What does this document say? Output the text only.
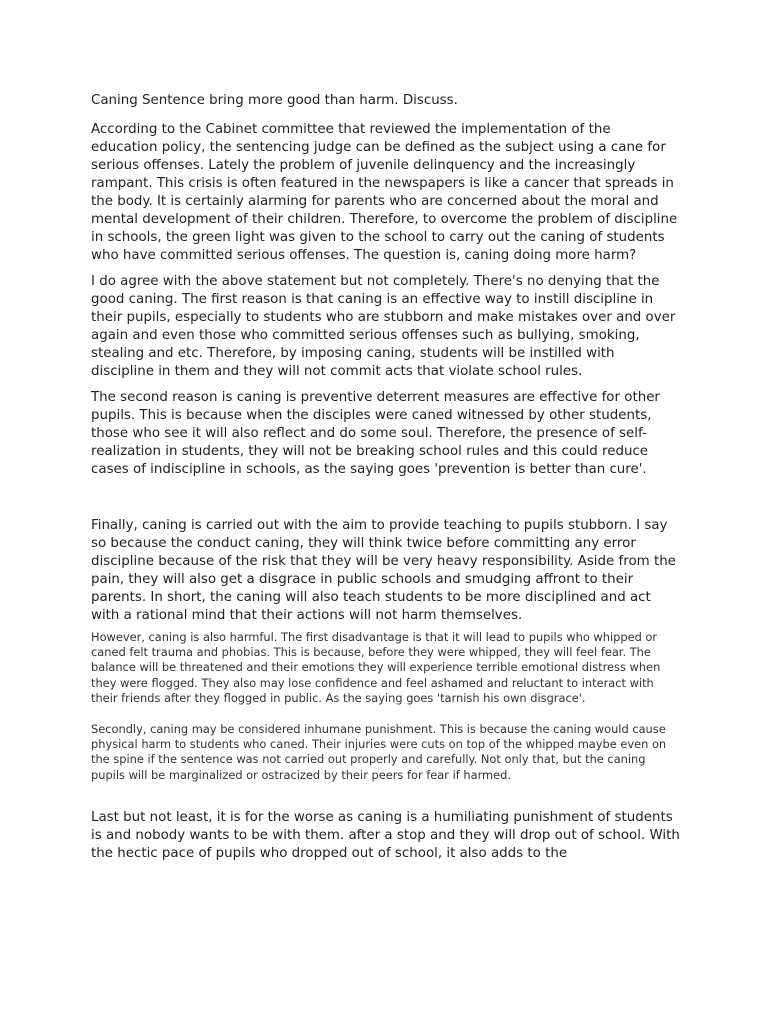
Caning Sentence bring more good than harm. Discuss.

According to the Cabinet committee that reviewed the implementation of the education policy, the sentencing judge can be defined as the subject using a cane for serious offenses. Lately the problem of juvenile delinquency and the increasingly rampant. This crisis is often featured in the newspapers is like a cancer that spreads in the body. It is certainly alarming for parents who are concerned about the moral and mental development of their children. Therefore, to overcome the problem of discipline in schools, the green light was given to the school to carry out the caning of students who have committed serious offenses. The question is, caning doing more harm?

I do agree with the above statement but not completely. There's no denying that the good caning. The first reason is that caning is an effective way to instill discipline in their pupils, especially to students who are stubborn and make mistakes over and over again and even those who committed serious offenses such as bullying, smoking, stealing and etc. Therefore, by imposing caning, students will be instilled with discipline in them and they will not commit acts that violate school rules.

The second reason is caning is preventive deterrent measures are effective for other pupils. This is because when the disciples were caned witnessed by other students, those who see it will also reflect and do some soul. Therefore, the presence of self-realization in students, they will not be breaking school rules and this could reduce cases of indiscipline in schools, as the saying goes 'prevention is better than cure'.

Finally, caning is carried out with the aim to provide teaching to pupils stubborn. I say so because the conduct caning, they will think twice before committing any error discipline because of the risk that they will be very heavy responsibility. Aside from the pain, they will also get a disgrace in public schools and smudging affront to their parents. In short, the caning will also teach students to be more disciplined and act with a rational mind that their actions will not harm themselves.

However, caning is also harmful. The first disadvantage is that it will lead to pupils who whipped or caned felt trauma and phobias. This is because, before they were whipped, they will feel fear. The balance will be threatened and their emotions they will experience terrible emotional distress when they were flogged. They also may lose confidence and feel ashamed and reluctant to interact with their friends after they flogged in public. As the saying goes 'tarnish his own disgrace'.

Secondly, caning may be considered inhumane punishment. This is because the caning would cause physical harm to students who caned. Their injuries were cuts on top of the whipped maybe even on the spine if the sentence was not carried out properly and carefully. Not only that, but the caning pupils will be marginalized or ostracized by their peers for fear if harmed.

Last but not least, it is for the worse as caning is a humiliating punishment of students is and nobody wants to be with them. after a stop and they will drop out of school. With the hectic pace of pupils who dropped out of school, it also adds to the
